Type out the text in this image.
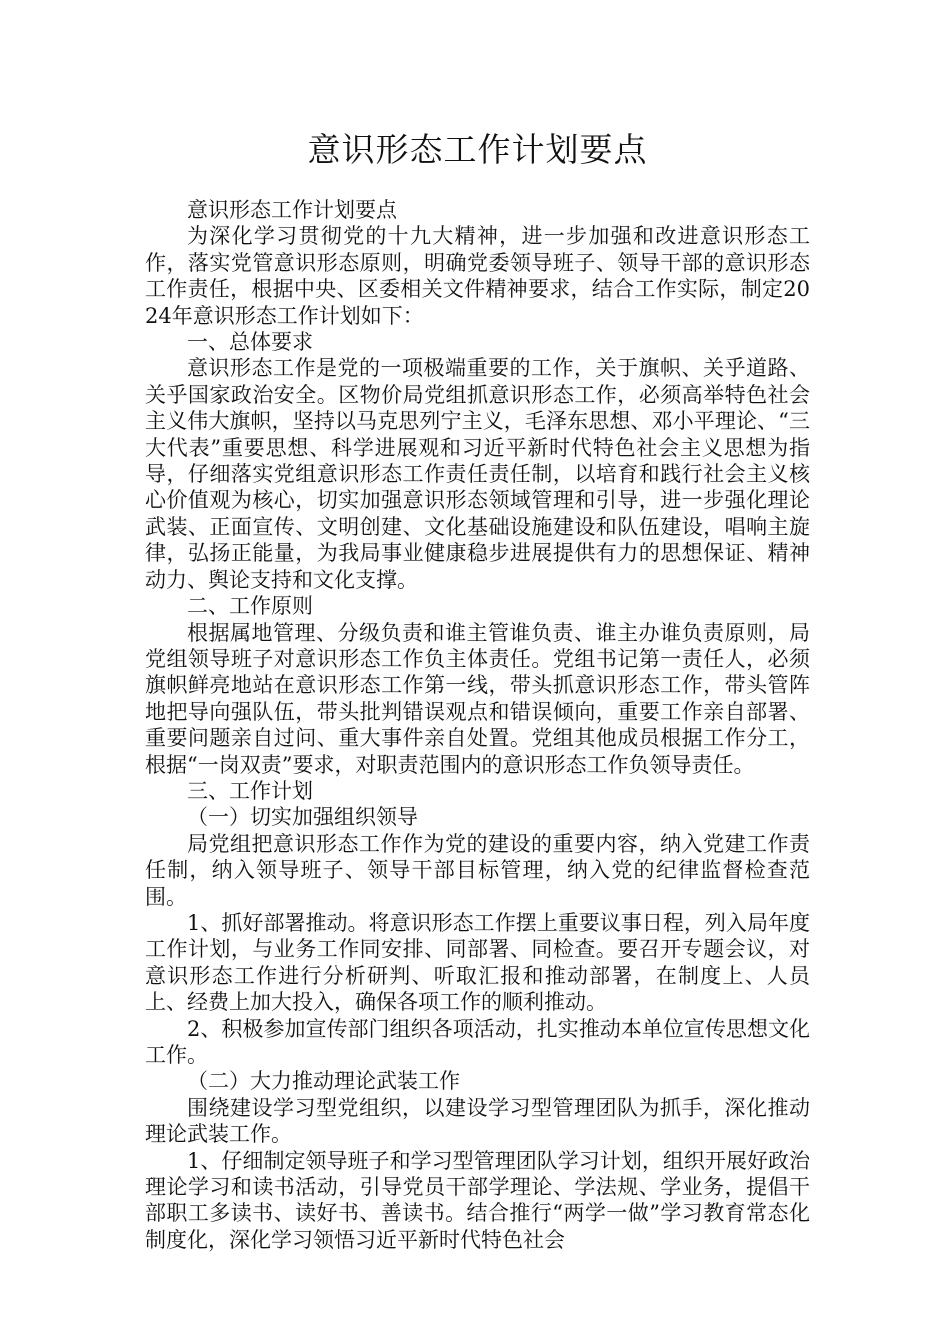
意识形态工作计划要点

意识形态工作计划要点

为深化学习贯彻党的十九大精神，进一步加强和改进意识形态工作，落实党管意识形态原则，明确党委领导班子、领导干部的意识形态工作责任，根据中央、区委相关文件精神要求，结合工作实际，制定2024年意识形态工作计划如下：

一、总体要求

意识形态工作是党的一项极端重要的工作，关于旗帜、关乎道路、关乎国家政治安全。区物价局党组抓意识形态工作，必须高举特色社会主义伟大旗帜，坚持以马克思列宁主义，毛泽东思想、邓小平理论、“三大代表”重要思想、科学进展观和习近平新时代特色社会主义思想为指导，仔细落实党组意识形态工作责任责任制，以培育和践行社会主义核心价值观为核心，切实加强意识形态领域管理和引导，进一步强化理论武装、正面宣传、文明创建、文化基础设施建设和队伍建设，唱响主旋律，弘扬正能量，为我局事业健康稳步进展提供有力的思想保证、精神动力、舆论支持和文化支撑。

二、工作原则

根据属地管理、分级负责和谁主管谁负责、谁主办谁负责原则，局党组领导班子对意识形态工作负主体责任。党组书记第一责任人，必须旗帜鲜亮地站在意识形态工作第一线，带头抓意识形态工作，带头管阵地把导向强队伍，带头批判错误观点和错误倾向，重要工作亲自部署、重要问题亲自过问、重大事件亲自处置。党组其他成员根据工作分工，根据“一岗双责”要求，对职责范围内的意识形态工作负领导责任。

三、工作计划

（一）切实加强组织领导

局党组把意识形态工作作为党的建设的重要内容，纳入党建工作责任制，纳入领导班子、领导干部目标管理，纳入党的纪律监督检查范围。

1、抓好部署推动。将意识形态工作摆上重要议事日程，列入局年度工作计划，与业务工作同安排、同部署、同检查。要召开专题会议，对意识形态工作进行分析研判、听取汇报和推动部署，在制度上、人员上、经费上加大投入，确保各项工作的顺利推动。

2、积极参加宣传部门组织各项活动，扎实推动本单位宣传思想文化工作。

（二）大力推动理论武装工作

围绕建设学习型党组织，以建设学习型管理团队为抓手，深化推动理论武装工作。

1、仔细制定领导班子和学习型管理团队学习计划，组织开展好政治理论学习和读书活动，引导党员干部学理论、学法规、学业务，提倡干部职工多读书、读好书、善读书。结合推行“两学一做”学习教育常态化制度化，深化学习领悟习近平新时代特色社会
